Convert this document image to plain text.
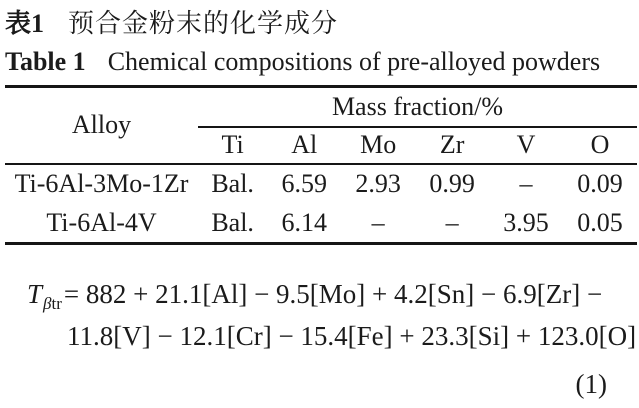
表1 预合金粉末的化学成分
Table 1 Chemical compositions of pre-alloyed powders
Alloy	Mass fraction/%					
	Ti	Al	Mo	Zr	V	O
Ti-6Al-3Mo-1Zr	Bal.	6.59	2.93	0.99	–	0.09
Ti-6Al-4V	Bal.	6.14	–	–	3.95	0.05
$T_{\beta tr}= 882 + 21.1[Al] - 9.5[Mo] + 4.2[Sn] - 6.9[Zr]$ −
11.8[V] − 12.1[Cr] − 15.4[Fe] + 23.3[Si] + 123.0[O]
(1)
